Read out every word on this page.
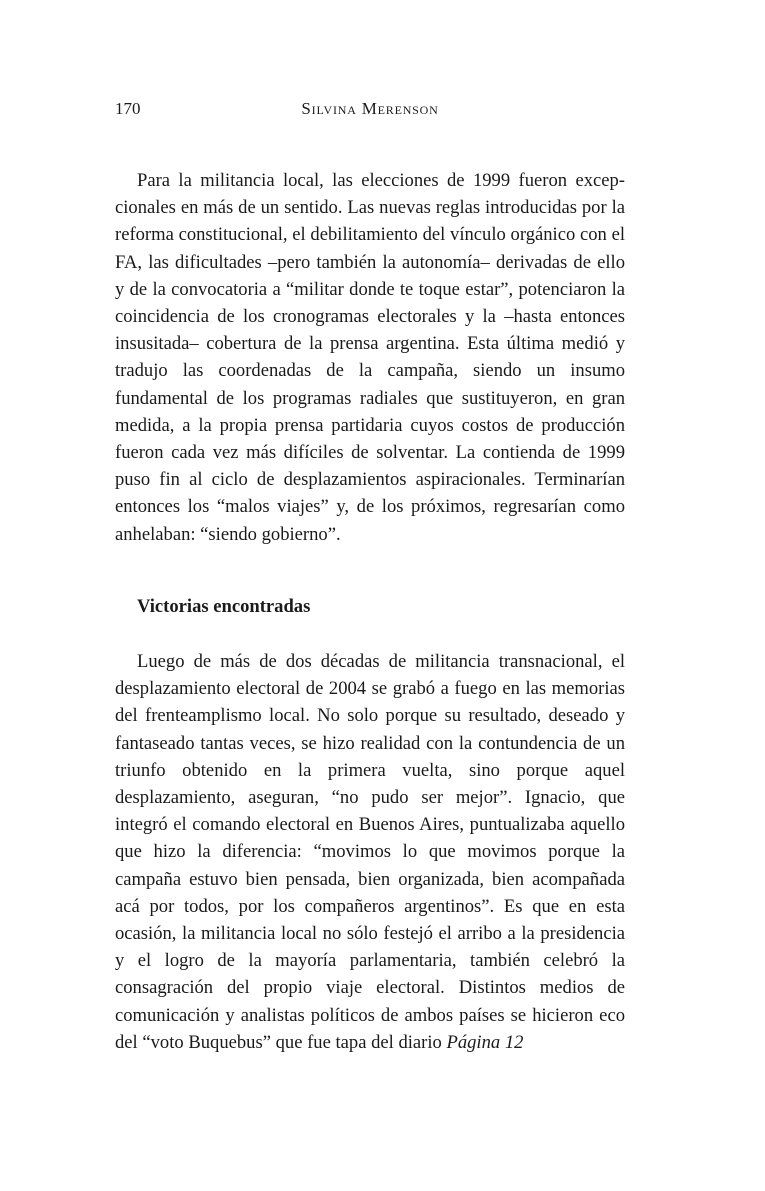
170	Silvina Merenson

Para la militancia local, las elecciones de 1999 fueron excepcionales en más de un sentido. Las nuevas reglas introducidas por la reforma constitucional, el debilitamiento del vínculo orgánico con el FA, las dificultades –pero también la autonomía– derivadas de ello y de la convocatoria a “militar donde te toque estar”, potenciaron la coincidencia de los cronogramas electorales y la –hasta entonces insusitada– cobertura de la prensa argentina. Esta última medió y tradujo las coordenadas de la campaña, siendo un insumo fundamental de los programas radiales que sustituyeron, en gran medida, a la propia prensa partidaria cuyos costos de producción fueron cada vez más difíciles de solventar. La contienda de 1999 puso fin al ciclo de desplazamientos aspiracionales. Terminarían entonces los “malos viajes” y, de los próximos, regresarían como anhelaban: “siendo gobierno”.

Victorias encontradas

Luego de más de dos décadas de militancia transnacional, el desplazamiento electoral de 2004 se grabó a fuego en las memorias del frenteamplismo local. No solo porque su resultado, deseado y fantaseado tantas veces, se hizo realidad con la contundencia de un triunfo obtenido en la primera vuelta, sino porque aquel desplazamiento, aseguran, “no pudo ser mejor”. Ignacio, que integró el comando electoral en Buenos Aires, puntualizaba aquello que hizo la diferencia: “movimos lo que movimos porque la campaña estuvo bien pensada, bien organizada, bien acompañada acá por todos, por los compañeros argentinos”. Es que en esta ocasión, la militancia local no sólo festejó el arribo a la presidencia y el logro de la mayoría parlamentaria, también celebró la consagración del propio viaje electoral. Distintos medios de comunicación y analistas políticos de ambos países se hicieron eco del “voto Buquebus” que fue tapa del diario Página 12
